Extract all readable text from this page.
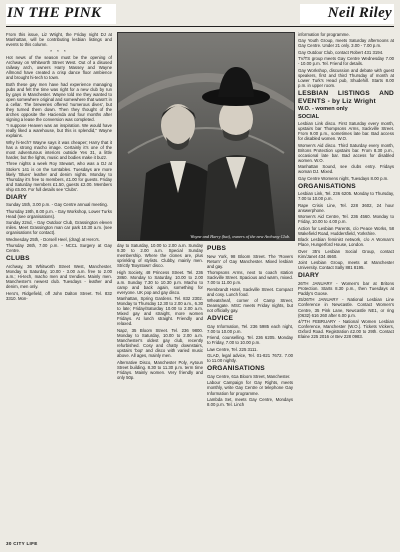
IN THE PINK	Neil Riley

From this issue, Liz Wright, the Friday night DJ at Manhattan, will be contributing lesbian listings and events to this column.

* * *

Hot news of the season must be the opening of Archway on Whitworth Street West. Out of a disused railway arch, owners Harry Massey and Wayne Allmond have created a crisp dance floor ambience and brought hi-tech to town.

Both these gay men have had experience managing pubs and felt the time was right for a new club by run by gays in Manchester. Wayne told me they wanted to open somewhere original and somewhere that wasn't in a cellar. The breweries offered 'numerous dives', but they turned them down. Then they thought of the arches opposite the Hacienda and four months after signing a lease the conversion was completed.

"I suppose Heaven was an inspiration. We would have really liked a warehouse, but this is splendid," Wayne explains.

Why hi-tech? Wayne says it was cheaper; Harry that it has a strong macho image. Certainly it's one of the most adventurous interiors outside Yes 31, a little harder, but the lights, music and bodies make it buzz.

Three nights a week Roy Stewart, who was a DJ at Stoke's 141 is on the turntables. Tuesdays are more likely 'Blues' leather and denim nights. Monday to Thursday it's free to members, £1.00 for guests. Friday and Saturday members £1.50, guests £2.00. Members ship £5.00. For full details see 'Clubs'.

DIARY

Sunday 15th, 3.00 p.m. - Gay Centre annual meeting.

Thursday 19th, 8.00 p.m. - Gay Workshop, Lower Turks Head (see organisations).

Sunday 22nd, - Gay Outdoor Club, Grassington eleven miles. Meet Grassington man car park 10.30 a.m. (see organisations for contact).

Wednesday 25th, - Dorsell Heel, (drag) at Hero's.

Thursday 26th, 7.00 p.m. - NCCL Surgery at Gay Centre.

CLUBS

Archway, 36 Whitworth Street West, Manchester. Monday to Saturday, 10.00 - 3.00 a.m. free to 2.00 a.m.; Hi-tech, macho men and trendies. Mainly men. Manchester's newest club. Tuesdays - leather and denim, men only.

Hero's, Ridgefield, off John Dalton Street. Tel. 832 3310. Mon-

Wayne and Harry (hat), owners of the new Archway Club.

day to Saturday, 10.00 to 2.00 a.m. Sunday 9.30 to 2.00 a.m. Special Sunday membership. Where the clones are, plus sprinkling of stylists. Clubby, mainly men. Strictly 'Boystown' disco.

High Society, 48 Princess Street. Tel. 236 2860. Monday to Saturday, 10.00 to 2.00 a.m. Sunday 7.30 to 10.30 p.m. Macho to camp and back again, something for everyone. UK pop and gay disco.

Manhattan, Spring Gardens. Tel. 832 2302. Monday to Thursday 12.30 to 2.00 a.m., 6.30 to late; Friday/Saturday 10.00 to 2.00 a.m. Mixed gay and straight, more women Fridays. At lunch straight. Friendly and relaxed.

Napz, 35 Bloom Street. Tel. 236 9800. Monday to Saturday, 10.00 to 2.00 a.m. Manchester's oldest gay club, recently refurbished. Cosy and chatty downstairs, upstairs 'bop' and disco with varied music above. All ages, mainly men.

Alternative Disco, Manchester Poly, Aytoun Street building. 8.30 to 11.30 p.m. term time Fridays. Mainly women. Very friendly and only 50p.

PUBS

New York, 98 Bloom Street. The 'Rovers Return' of Gay Manchester. Mixed lesbian and gay.

Thompsons Arms, next to coach station Sackville Street. Spacious and warm, mixed. 7.00 to 11.00 p.m.

Rembrandt Hotel, Sackville Street. Compact and cosy. Lunch food.

Wheatsheaf, corner of Camp Street, Deansgate. MSC meets Friday nights, but not officially gay.

ADVICE

Gay Information, Tel. 236 5985 each night, 7.00 to 10.00 p.m.

Friend, counselling. Tel. 236 6205. Monday to Friday, 7.00 to 10.00 p.m.

Law Centre, Tel. 225 3111.

GLAD, legal advice, Tel. 01-821 7672. 7.00 to 11.00 nightly.

ORGANISATIONS

Gay Centre, 61a Bloom Street, Manchester.

Labour Campaign for Gay Rights, meets monthly, write Gay Centre or telephone Gay Information for programme.

Lambda Set, meets Gay Centre, Mondays 8.00 p.m. Tel. Linch

information for programme.

Gay Youth Group, meets Saturday afternoons at Gay Centre. Under 21 only. 3.00 - 7.00 p.m.

Gay Outdoor Club, contact Robert 431 3194.

TV/TS group meets Gay Centre Wednesday 7.00 - 10.00 p.m. Tel. Friend for details.

Gay Workshop, discussion and debate with guest speakers, first and third Thursday of month at Lower Turk's Head pub, Shudehill. Starts 8.00 p.m. in upper room.

LESBIAN LISTINGS AND EVENTS - by Liz Wright
W.O. - women only
SOCIAL

Lesbian Link disco. First Saturday every month, upstairs bar Thompsons Arms, Sackville Street. From 9.00 p.m., sometimes late bar. Bad access for disabled women. W.O.

Women's Aid disco. Third Saturday every month, Britons Protection upstairs bar. From 8.30 p.m., occasional late bar. Bad access for disabled women. W.O.

Manhattan Sound, see clubs entry. Fridays woman DJ. Mixed.

Gay Centre Womens night, Tuesdays 8.00 p.m.

ORGANISATIONS

Lesbian Link, Tel. 236 6205. Monday to Thursday, 7.00 to 10.00 p.m.

Rape Crisis Line, Tel. 228 3602, 24 hour answerphone.

Women's Aid Centre, Tel. 236 4560. Monday to Friday, 10.00 to 4.00 p.m.

Action for Lesbian Parents, c/o Peace Works, 58 Wakefield Road, Huddersfield, Yorkshire.

Black Lesbian feminist network, c/o A Woman's Place, Hungerford House, London.

Over 35's Lesbian Social Group, contact Kim/Janet 434 4660.

Joint Lesbian Group, meets at Manchester University. Contact Sally 881 8195.

DIARY

26TH JANUARY - Women's bar at Britons Protection. Starts 8.30 p.m., then Tuesdays at Paddy's Goose.

25/26TH JANUARY - National Lesbian Line Conference in Newcastle. Contact Women's Centre, 35 Pink Lane, Newcastle NE1, or ring (0632) 616 260 after 6.00 p.m.

4/7TH FEBRUARY - National Women Lesbian Conference, Manchester (W.O.). Tickets Vickers, Oxford Road. Registration £2.00 to 29th. Contact Elaine 225 2016 or Bev 228 0983.

30 CITY LIFE
